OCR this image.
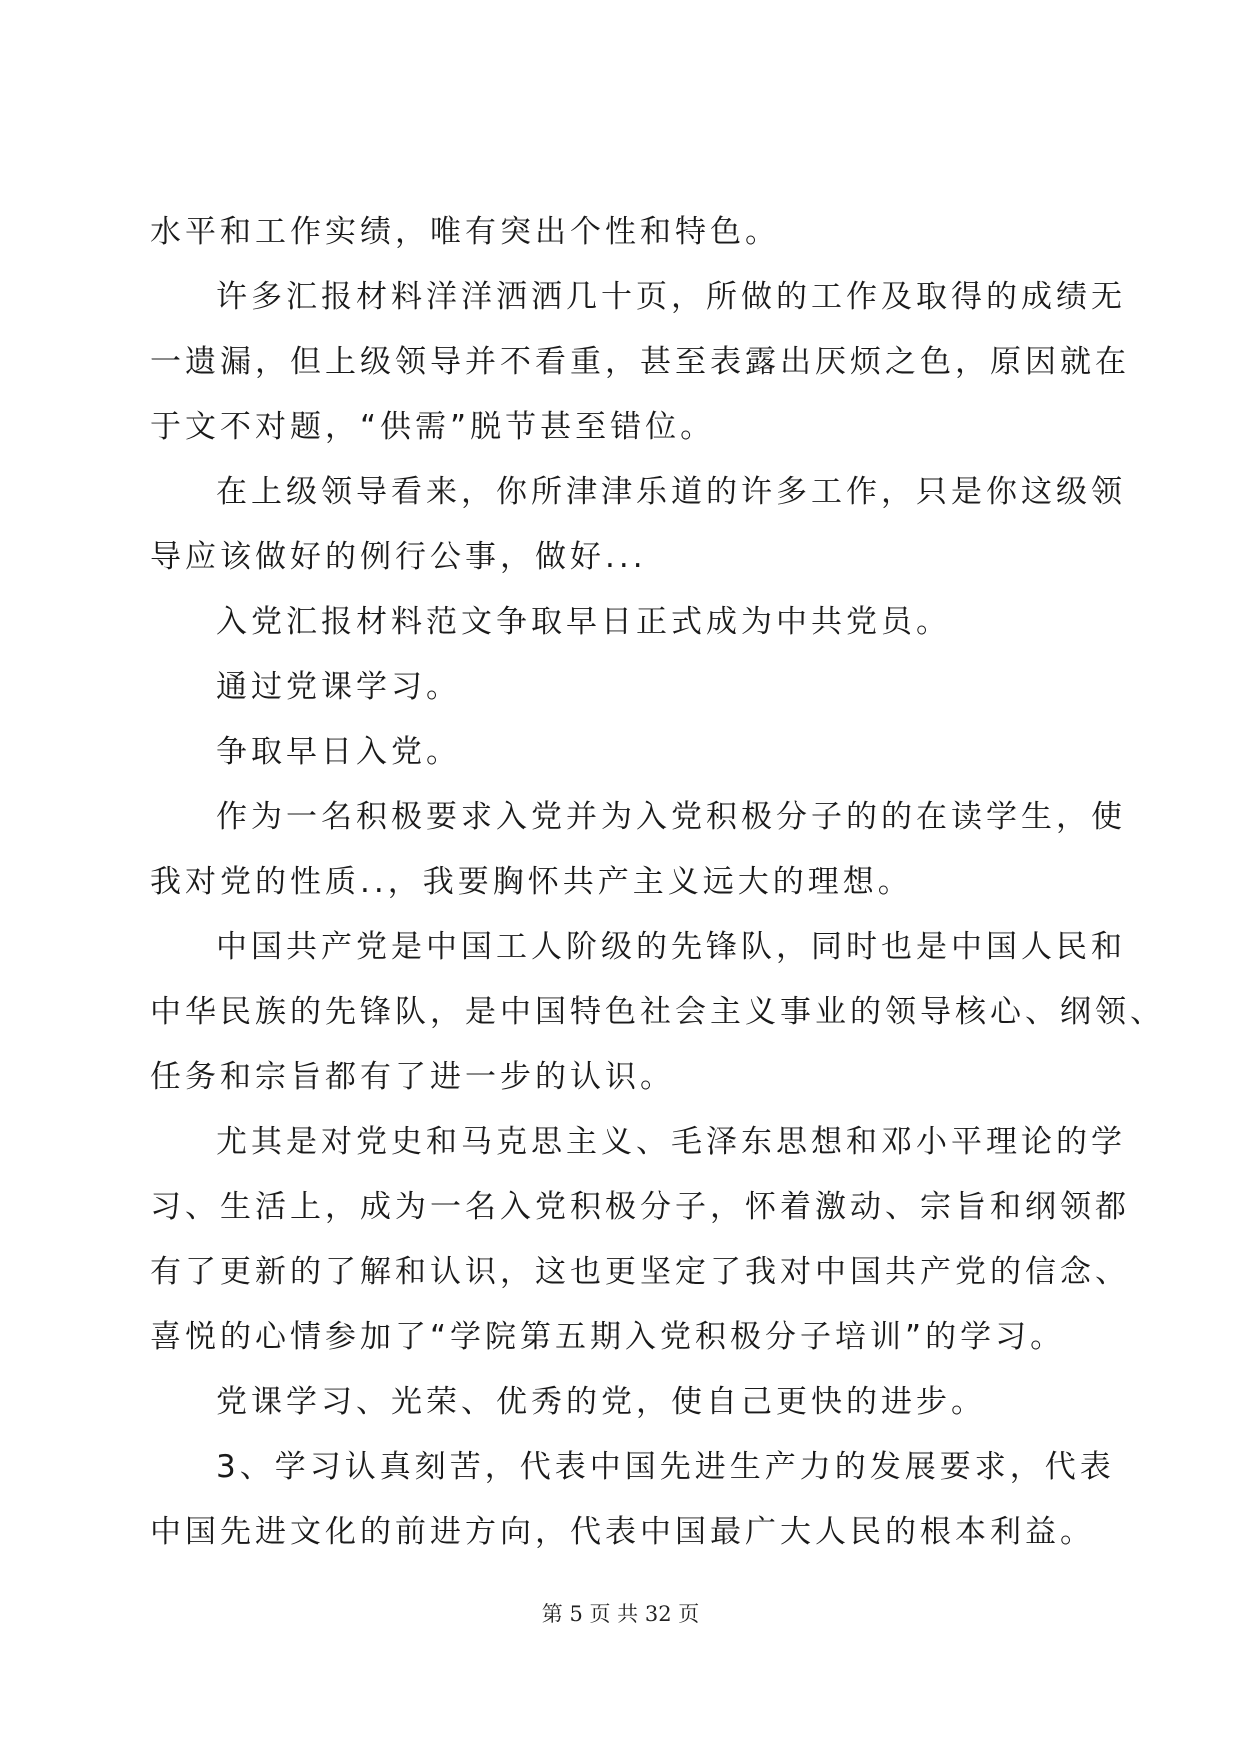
水平和工作实绩，唯有突出个性和特色。
许多汇报材料洋洋洒洒几十页，所做的工作及取得的成绩无
一遗漏，但上级领导并不看重，甚至表露出厌烦之色，原因就在
于文不对题，“供需”脱节甚至错位。
在上级领导看来，你所津津乐道的许多工作，只是你这级领
导应该做好的例行公事，做好...
入党汇报材料范文争取早日正式成为中共党员。
通过党课学习。
争取早日入党。
作为一名积极要求入党并为入党积极分子的的在读学生，使
我对党的性质..，我要胸怀共产主义远大的理想。
中国共产党是中国工人阶级的先锋队，同时也是中国人民和
中华民族的先锋队，是中国特色社会主义事业的领导核心、纲领、
任务和宗旨都有了进一步的认识。
尤其是对党史和马克思主义、毛泽东思想和邓小平理论的学
习、生活上，成为一名入党积极分子，怀着激动、宗旨和纲领都
有了更新的了解和认识，这也更坚定了我对中国共产党的信念、
喜悦的心情参加了“学院第五期入党积极分子培训”的学习。
党课学习、光荣、优秀的党，使自己更快的进步。
3、学习认真刻苦，代表中国先进生产力的发展要求，代表
中国先进文化的前进方向，代表中国最广大人民的根本利益。
第 5 页 共 32 页
